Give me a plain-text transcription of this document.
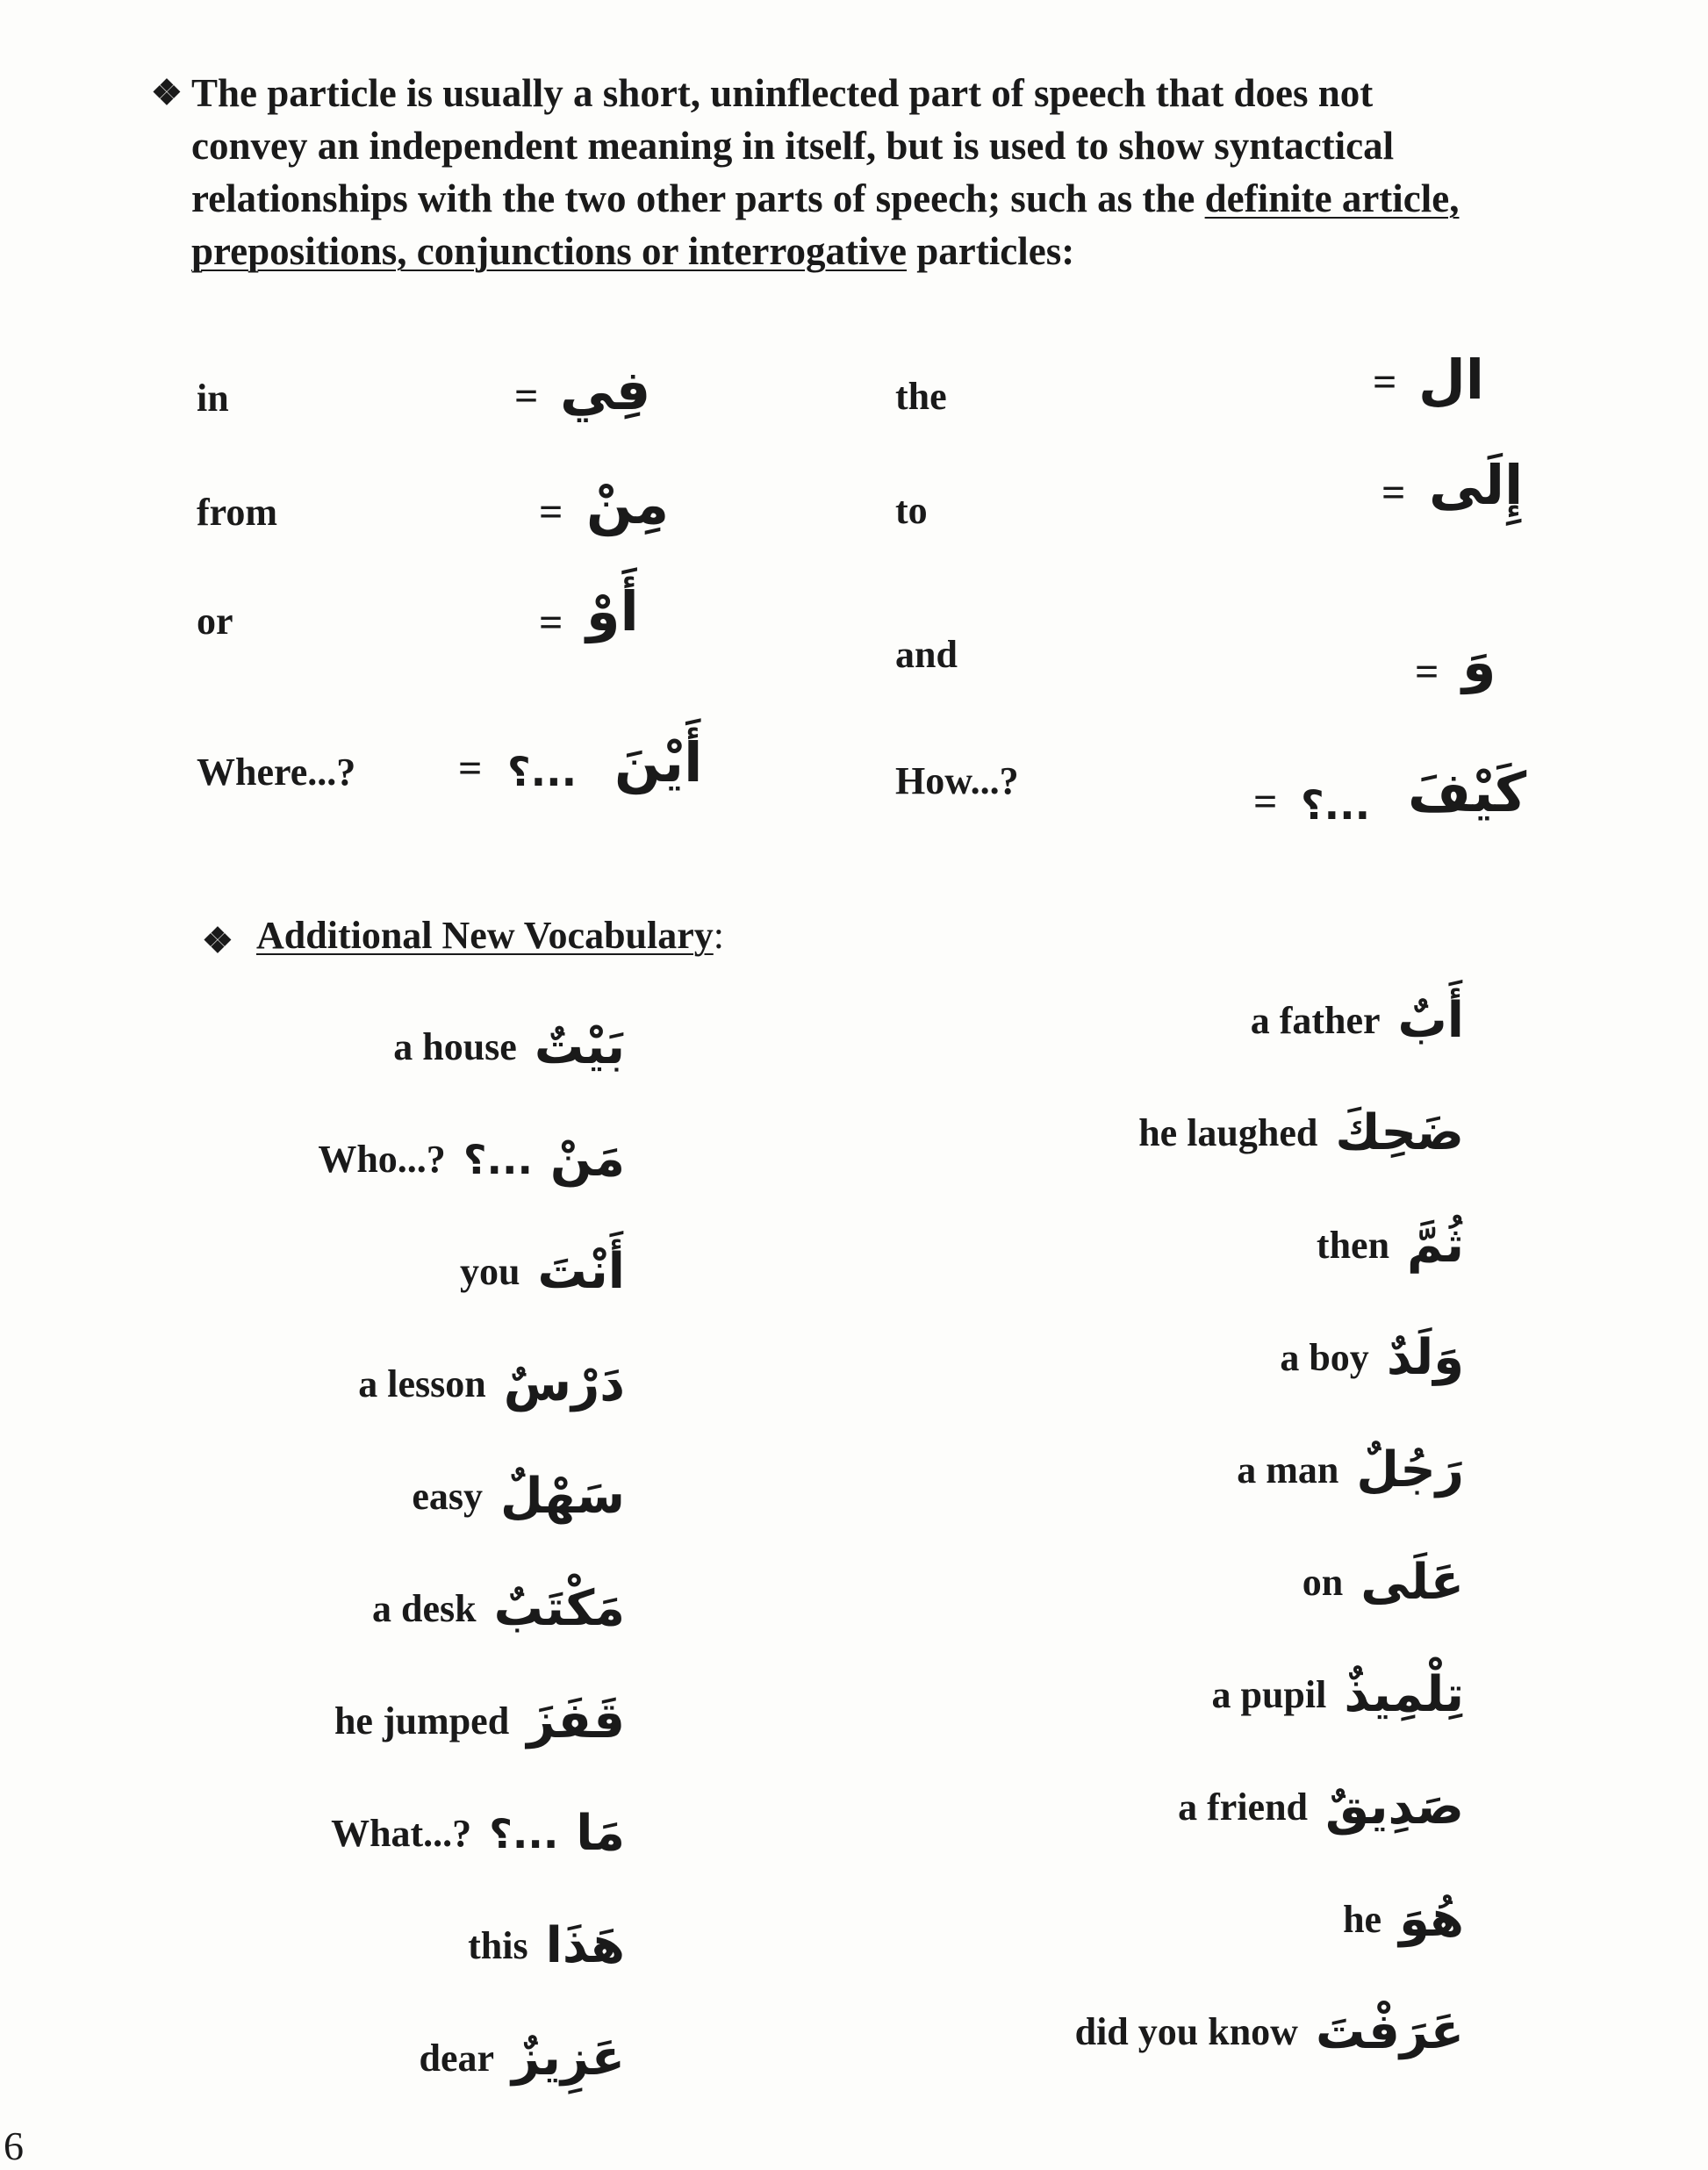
❖ The particle is usually a short, uninflected part of speech that does not

convey an independent meaning in itself, but is used to show syntactical

relationships with the two other parts of speech; such as the definite article,

prepositions, conjunctions or interrogative particles:

in	= فِي
from	= مِنْ
or	= أَوْ
Where...? = ...؟ أَيْنَ
the	= ال
to	= إِلَى
and	= وَ
How...?	= ...؟ كَيْفَ
❖ Additional New Vocabulary:
a house بَيْتٌ
Who...? ...؟ مَنْ
you أَنْتَ
a lesson دَرْسٌ
easy سَهْلٌ
a desk مَكْتَبٌ
he jumped قَفَزَ
What...? ...؟ مَا
this هَذَا
dear عَزِيزٌ
a father أَبٌ
he laughed ضَحِكَ
then ثُمَّ
a boy وَلَدٌ
a man رَجُلٌ
on عَلَى
a pupil تِلْمِيذٌ
a friend صَدِيقٌ
he هُوَ
did you know عَرَفْتَ
6
